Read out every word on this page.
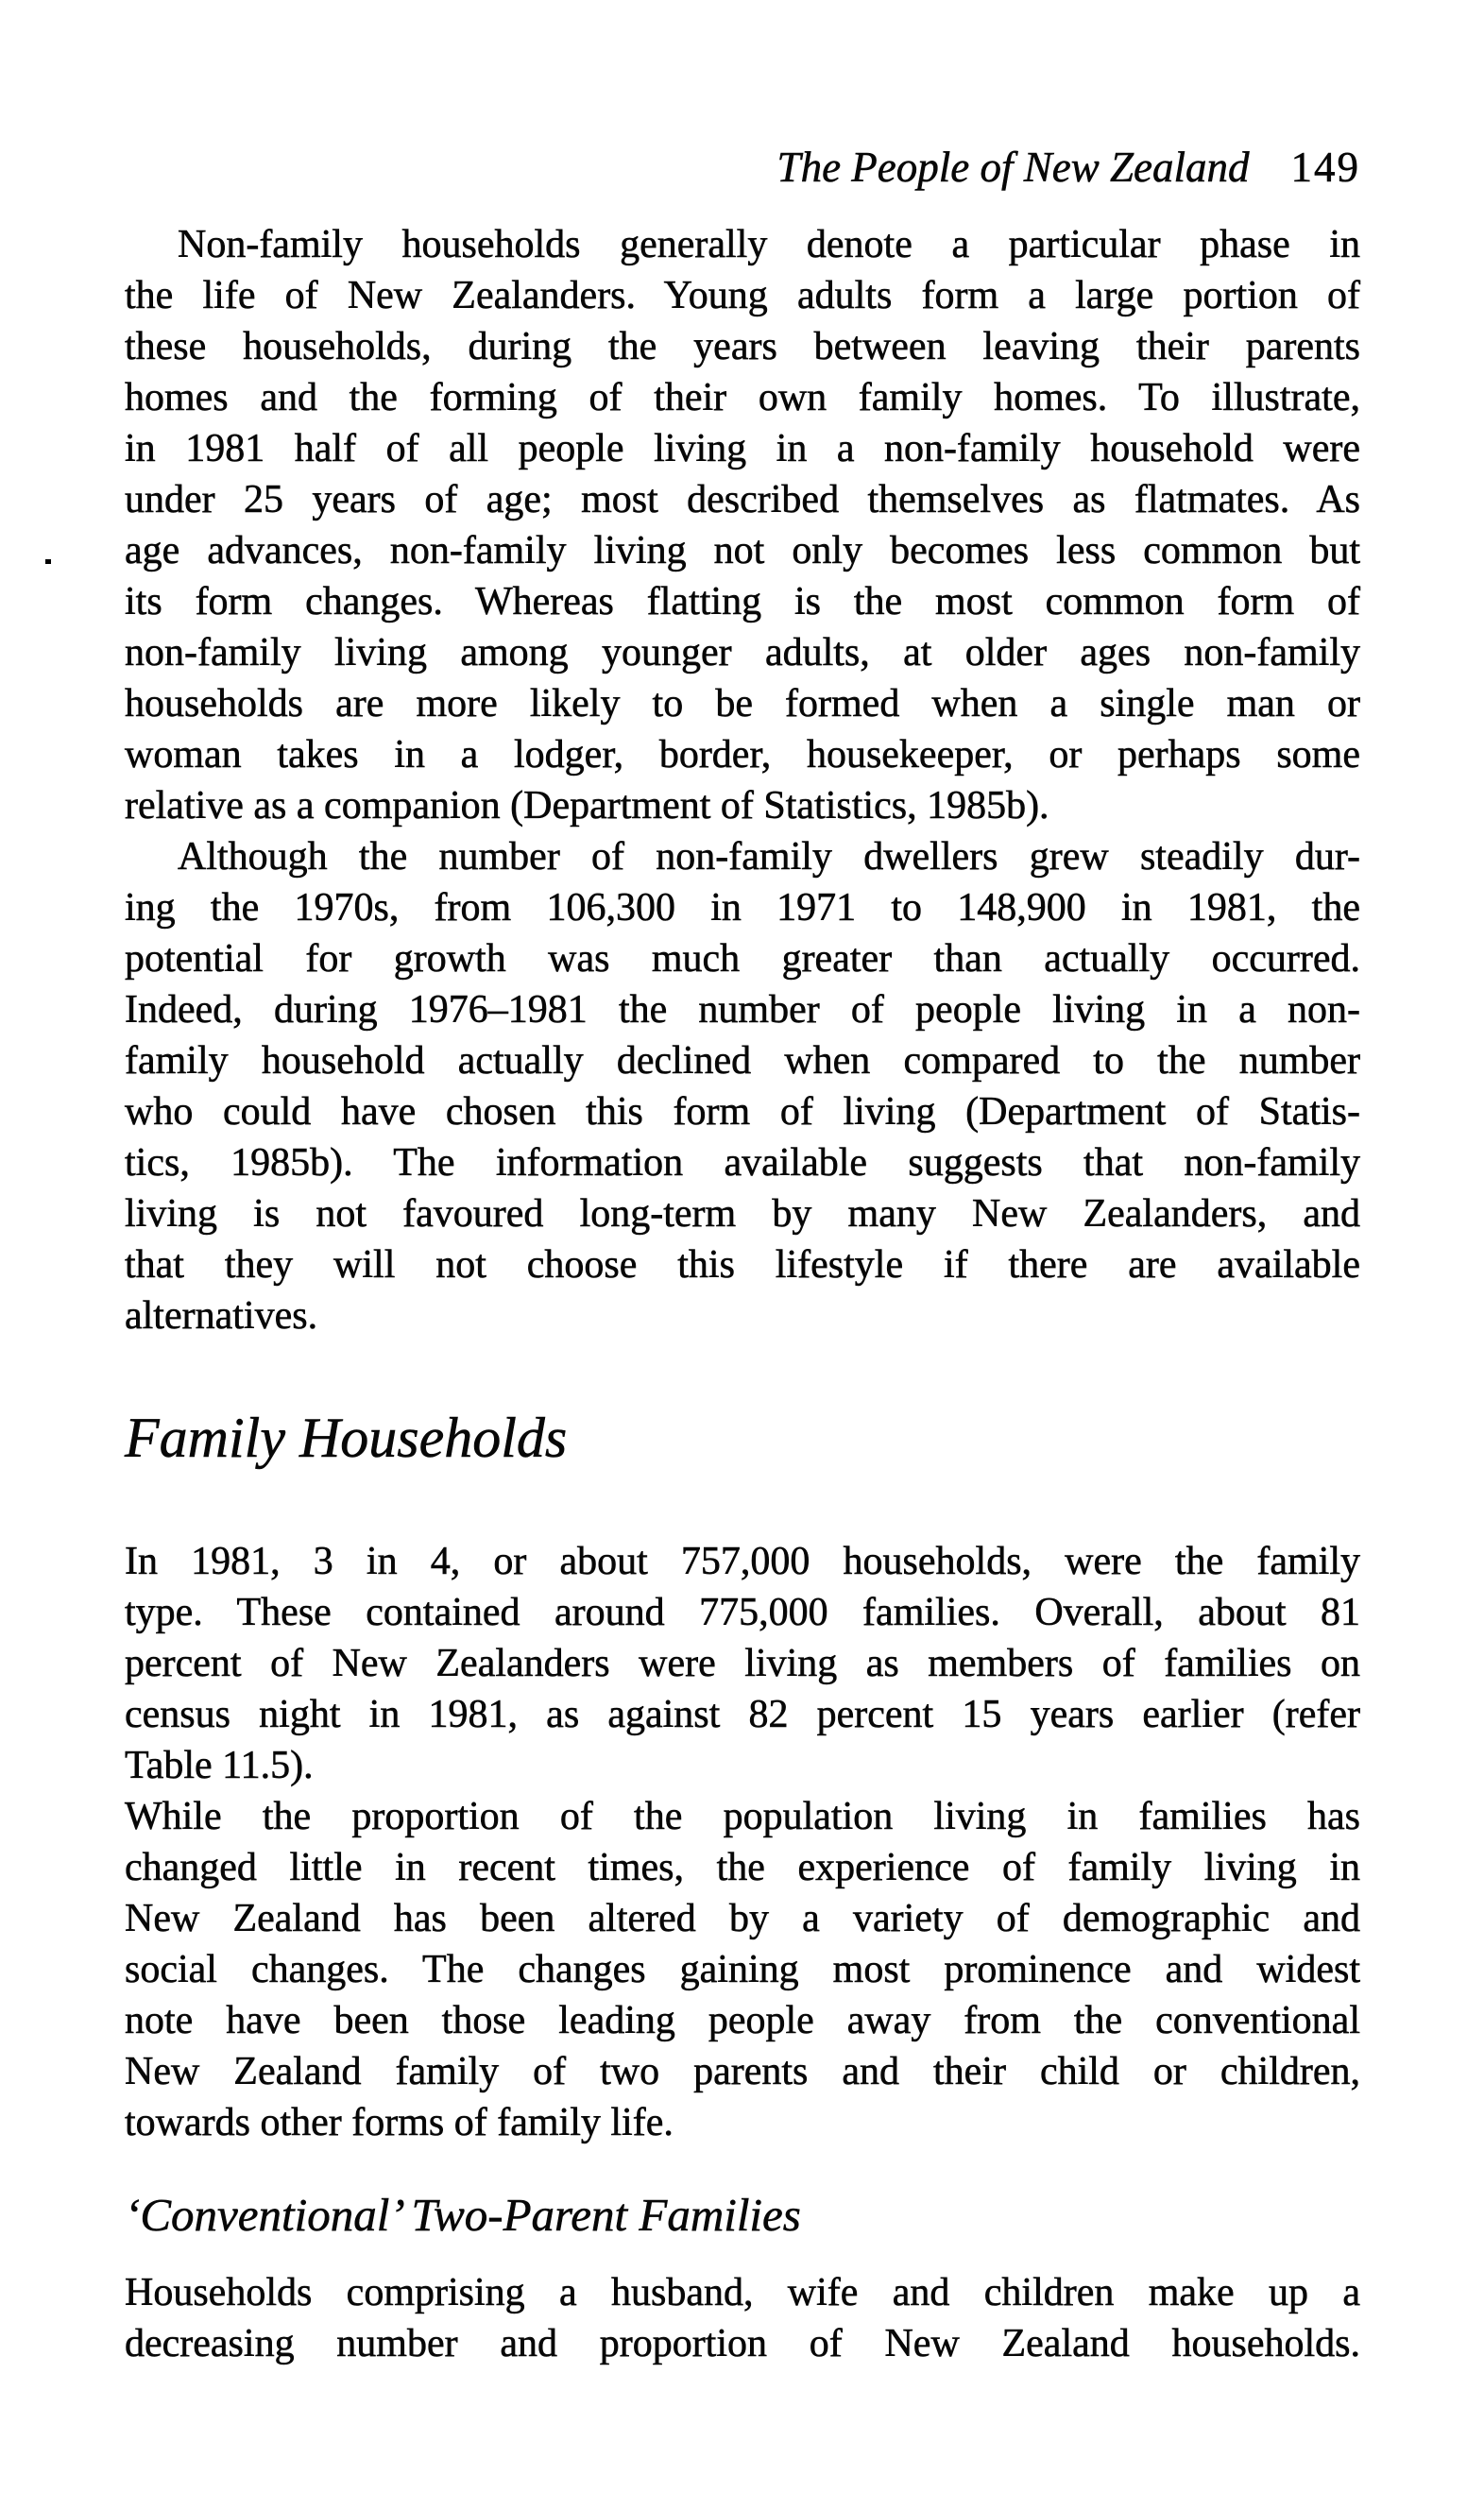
The People of New Zealand 149
Non-family households generally denote a particular phase in
the life of New Zealanders. Young adults form a large portion of
these households, during the years between leaving their parents
homes and the forming of their own family homes. To illustrate,
in 1981 half of all people living in a non-family household were
under 25 years of age; most described themselves as flatmates. As
age advances, non-family living not only becomes less common but
its form changes. Whereas flatting is the most common form of
non-family living among younger adults, at older ages non-family
households are more likely to be formed when a single man or
woman takes in a lodger, border, housekeeper, or perhaps some
relative as a companion (Department of Statistics, 1985b).
Although the number of non-family dwellers grew steadily dur-
ing the 1970s, from 106,300 in 1971 to 148,900 in 1981, the
potential for growth was much greater than actually occurred.
Indeed, during 1976–1981 the number of people living in a non-
family household actually declined when compared to the number
who could have chosen this form of living (Department of Statis-
tics, 1985b). The information available suggests that non-family
living is not favoured long-term by many New Zealanders, and
that they will not choose this lifestyle if there are available
alternatives.
Family Households
In 1981, 3 in 4, or about 757,000 households, were the family
type. These contained around 775,000 families. Overall, about 81
percent of New Zealanders were living as members of families on
census night in 1981, as against 82 percent 15 years earlier (refer
Table 11.5).
While the proportion of the population living in families has
changed little in recent times, the experience of family living in
New Zealand has been altered by a variety of demographic and
social changes. The changes gaining most prominence and widest
note have been those leading people away from the conventional
New Zealand family of two parents and their child or children,
towards other forms of family life.
‘Conventional’ Two-Parent Families
Households comprising a husband, wife and children make up a
decreasing number and proportion of New Zealand households.
